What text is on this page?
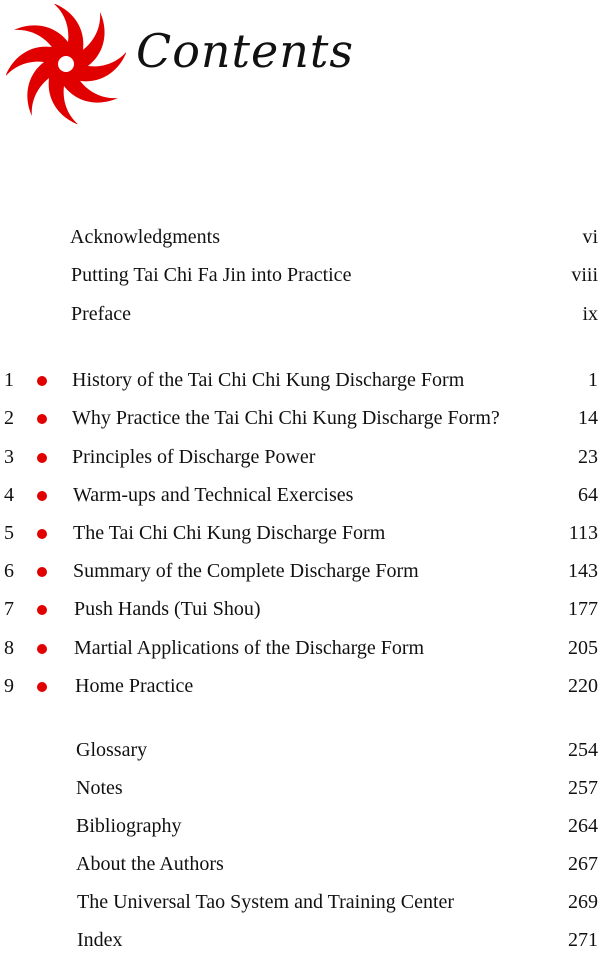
Contents
Acknowledgments	vi
Putting Tai Chi Fa Jin into Practice	viii
Preface	ix
1	History of the Tai Chi Chi Kung Discharge Form	1
2	Why Practice the Tai Chi Chi Kung Discharge Form?	14
3	Principles of Discharge Power	23
4	Warm-ups and Technical Exercises	64
5	The Tai Chi Chi Kung Discharge Form	113
6	Summary of the Complete Discharge Form	143
7	Push Hands (Tui Shou)	177
8	Martial Applications of the Discharge Form	205
9	Home Practice	220
Glossary	254
Notes	257
Bibliography	264
About the Authors	267
The Universal Tao System and Training Center	269
Index	271
